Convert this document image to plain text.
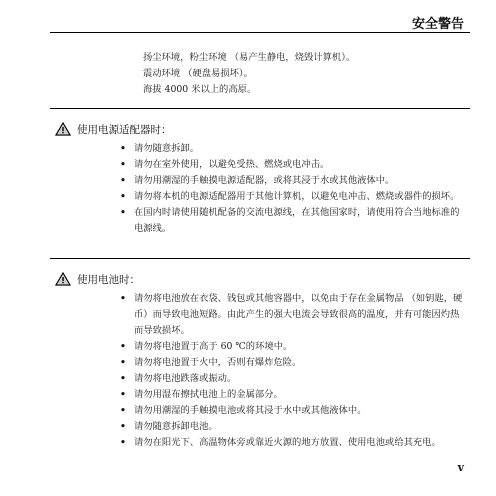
安全警告
扬尘环境，粉尘环境 （易产生静电，烧毁计算机）。
震动环境 （硬盘易损坏）。
海拔 4000 米以上的高原。
使用电源适配器时：
• 请勿随意拆卸。
• 请勿在室外使用，以避免受热、燃烧或电冲击。
• 请勿用潮湿的手触摸电源适配器，或将其浸于水或其他液体中。
• 请勿将本机的电源适配器用于其他计算机，以避免电冲击、燃烧或器件的损坏。
• 在国内时请使用随机配备的交流电源线，在其他国家时，请使用符合当地标准的电源线。
使用电池时：
• 请勿将电池放在衣袋、钱包或其他容器中，以免由于存在金属物品 （如钥匙，硬币）而导致电池短路。由此产生的强大电流会导致很高的温度，并有可能因灼热而导致损坏。
• 请勿将电池置于高于 60 ℃的环境中。
• 请勿将电池置于火中，否则有爆炸危险。
• 请勿将电池跌落或振动。
• 请勿用湿布擦拭电池上的金属部分。
• 请勿用潮湿的手触摸电池或将其浸于水中或其他液体中。
• 请勿随意拆卸电池。
• 请勿在阳光下、高温物体旁或靠近火源的地方放置、使用电池或给其充电。
v
